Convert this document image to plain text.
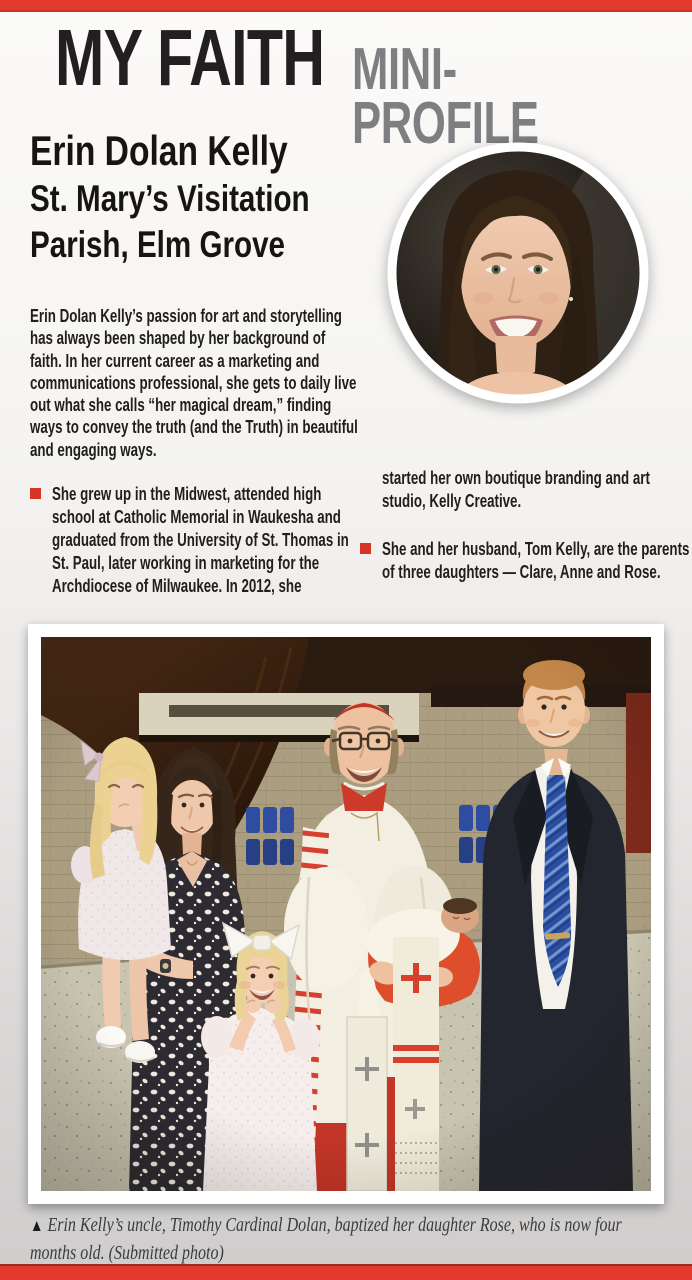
MY FAITH MINI-PROFILE
Erin Dolan Kelly
St. Mary’s Visitation
Parish, Elm Grove

Erin Dolan Kelly’s passion for art and storytelling has always been shaped by her background of faith. In her current career as a marketing and communications professional, she gets to daily live out what she calls “her magical dream,” finding ways to convey the truth (and the Truth) in beautiful and engaging ways.

She grew up in the Midwest, attended high school at Catholic Memorial in Waukesha and graduated from the University of St. Thomas in St. Paul, later working in marketing for the Archdiocese of Milwaukee. In 2012, she
started her own boutique branding and art studio, Kelly Creative.
She and her husband, Tom Kelly, are the parents of three daughters — Clare, Anne and Rose.

▲ Erin Kelly’s uncle, Timothy Cardinal Dolan, baptized her daughter Rose, who is now four months old. (Submitted photo)
